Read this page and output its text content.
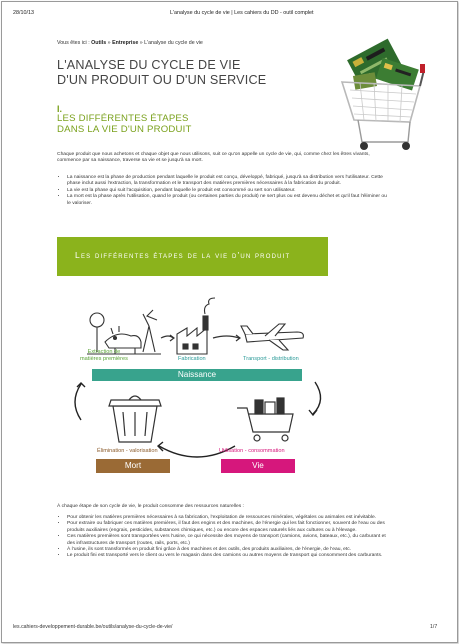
28/10/13	L'analyse du cycle de vie | Les cahiers du DD - outil complet
Vous êtes ici : Outils » Entreprise » L'analyse du cycle de vie
L'ANALYSE DU CYCLE DE VIE
D'UN PRODUIT OU D'UN SERVICE
I.
LES DIFFÉRENTES ÉTAPES
DANS LA VIE D'UN PRODUIT
Chaque produit que nous achetons et chaque objet que nous utilisons, suit ce qu'on appelle un cycle de vie, qui, comme chez les êtres vivants, commence par sa naissance, traverse sa vie et se jusqu'à sa mort.
• La naissance est la phase de production pendant laquelle le produit est conçu, développé, fabriqué, jusqu'à sa distribution vers l'utilisateur. Cette phase inclut aussi l'extraction, la transformation et le transport des matières premières nécessaires à la fabrication du produit.
• La vie est la phase qui suit l'acquisition, pendant laquelle le produit est consommé ou sert son utilisateur.
• La mort est la phase après l'utilisation, quand le produit (ou certaines parties du produit) ne sert plus ou est devenu déchet et qu'il faut l'éliminer ou le valoriser.
Les différentes étapes de la vie d'un produit
Extraction de
matières premières	Fabrication	Transport - distribution
Naissance
Élimination - valorisation	Utilisation - consommation
Mort	Vie
À chaque étape de son cycle de vie, le produit consomme des ressources naturelles :
• Pour obtenir les matières premières nécessaires à sa fabrication, l'exploitation de ressources minérales, végétales ou animales est inévitable.
• Pour extraire ou fabriquer ces matières premières, il faut des engins et des machines, de l'énergie qui les fait fonctionner, souvent de l'eau ou des produits auxiliaires (engrais, pesticides, substances chimiques, etc.) ou encore des espaces naturels liés aux cultures ou à l'élevage.
• Ces matières premières sont transportées vers l'usine, ce qui nécessite des moyens de transport (camions, avions, bateaux, etc.), du carburant et des infrastructures de transport (routes, rails, ports, etc.)
• À l'usine, ils sont transformés en produit fini grâce à des machines et des outils, des produits auxiliaires, de l'énergie, de l'eau, etc.
• Le produit fini est transporté vers le client ou vers le magasin dans des camions ou autres moyens de transport qui consomment des carburants.
les.cahiers-developpement-durable.be/outils/analyse-du-cycle-de-vie/	1/7
